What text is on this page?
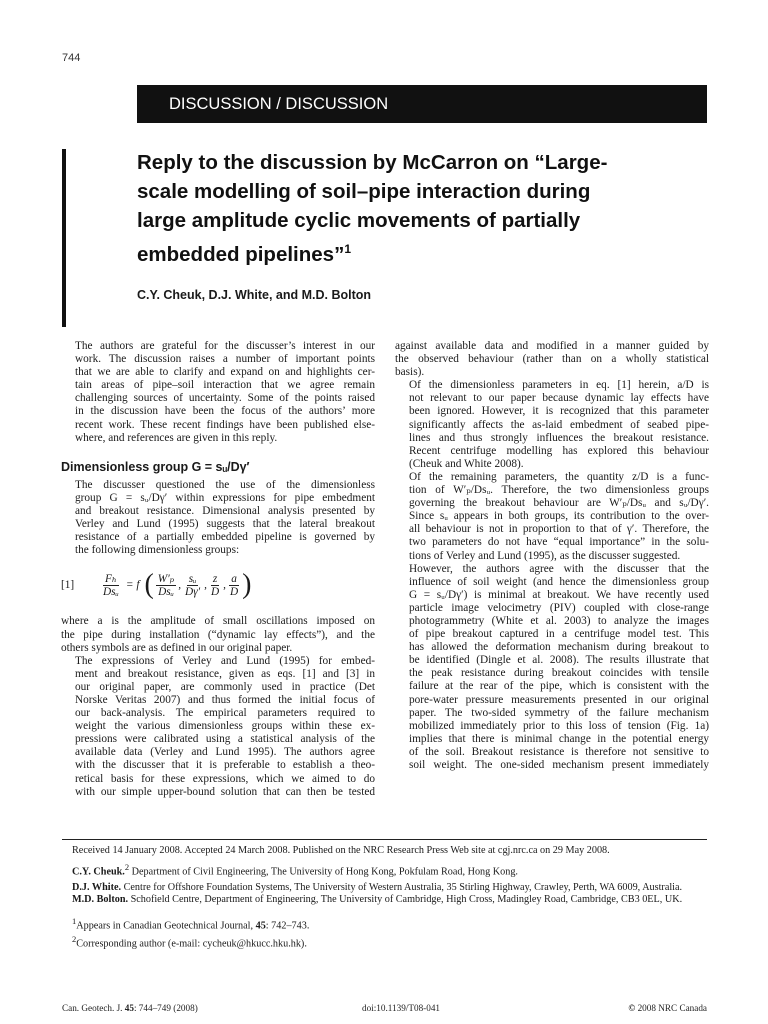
744
DISCUSSION / DISCUSSION
Reply to the discussion by McCarron on “Large-
scale modelling of soil–pipe interaction during
large amplitude cyclic movements of partially
embedded pipelines”$^1$
C.Y. Cheuk, D.J. White, and M.D. Bolton

The authors are grateful for the discusser’s interest in our
work. The discussion raises a number of important points
that we are able to clarify and expand on and highlights cer-
tain areas of pipe–soil interaction that we agree remain
challenging sources of uncertainty. Some of the points raised
in the discussion have been the focus of the authors’ more
recent work. These recent findings have been published else-
where, and references are given in this reply.

Dimensionless group G = sᵤ/Dγ′

The discusser questioned the use of the dimensionless
group G = sᵤ/Dγ′ within expressions for pipe embedment
and breakout resistance. Dimensional analysis presented by
Verley and Lund (1995) suggests that the lateral breakout
resistance of a partially embedded pipeline is governed by
the following dimensionless groups:

[1]	$\frac{\text{Fₕ}}{\text{Dsᵤ}} = f$ ( $\frac{\text{W′ₚ}}{\text{Dsᵤ}}$ , $\frac{\text{sᵤ}}{D\gamma'}$ , $\frac{z}{D}$ , $\frac{a}{D}$ )

where a is the amplitude of small oscillations imposed on
the pipe during installation (“dynamic lay effects”), and the
others symbols are as defined in our original paper.

The expressions of Verley and Lund (1995) for embed-
ment and breakout resistance, given as eqs. [1] and [3] in
our original paper, are commonly used in practice (Det
Norske Veritas 2007) and thus formed the initial focus of
our back-analysis. The empirical parameters required to
weight the various dimensionless groups within these ex-
pressions were calibrated using a statistical analysis of the
available data (Verley and Lund 1995). The authors agree
with the discusser that it is preferable to establish a theo-
retical basis for these expressions, which we aimed to do
with our simple upper-bound solution that can then be tested

against available data and modified in a manner guided by
the observed behaviour (rather than on a wholly statistical
basis).

Of the dimensionless parameters in eq. [1] herein, a/D is
not relevant to our paper because dynamic lay effects have
been ignored. However, it is recognized that this parameter
significantly affects the as-laid embedment of seabed pipe-
lines and thus strongly influences the breakout resistance.
Recent centrifuge modelling has explored this behaviour
(Cheuk and White 2008).

Of the remaining parameters, the quantity z/D is a func-
tion of W′ₚ/Dsᵤ. Therefore, the two dimensionless groups
governing the breakout behaviour are W′ₚ/Dsᵤ and sᵤ/Dγ′.
Since sᵤ appears in both groups, its contribution to the over-
all behaviour is not in proportion to that of γ′. Therefore, the
two parameters do not have “equal importance” in the solu-
tions of Verley and Lund (1995), as the discusser suggested.

However, the authors agree with the discusser that the
influence of soil weight (and hence the dimensionless group
G = sᵤ/Dγ′) is minimal at breakout. We have recently used
particle image velocimetry (PIV) coupled with close-range
photogrammetry (White et al. 2003) to analyze the images
of pipe breakout captured in a centrifuge model test. This
has allowed the deformation mechanism during breakout to
be identified (Dingle et al. 2008). The results illustrate that
the peak resistance during breakout coincides with tensile
failure at the rear of the pipe, which is consistent with the
pore-water pressure measurements presented in our original
paper. The two-sided symmetry of the failure mechanism
mobilized immediately prior to this loss of tension (Fig. 1a)
implies that there is minimal change in the potential energy
of the soil. Breakout resistance is therefore not sensitive to
soil weight. The one-sided mechanism present immediately

Received 14 January 2008. Accepted 24 March 2008. Published on the NRC Research Press Web site at cgj.nrc.ca on 29 May 2008.

C.Y. Cheuk.$^2$ Department of Civil Engineering, The University of Hong Kong, Pokfulam Road, Hong Kong.

D.J. White. Centre for Offshore Foundation Systems, The University of Western Australia, 35 Stirling Highway, Crawley, Perth, WA 6009, Australia.

M.D. Bolton. Schofield Centre, Department of Engineering, The University of Cambridge, High Cross, Madingley Road, Cambridge, CB3 0EL, UK.

$^1$Appears in Canadian Geotechnical Journal, 45: 742–743.

$^2$Corresponding author (e-mail: cycheuk@hkucc.hku.hk).

Can. Geotech. J. 45: 744–749 (2008)	doi:10.1139/T08-041	© 2008 NRC Canada
